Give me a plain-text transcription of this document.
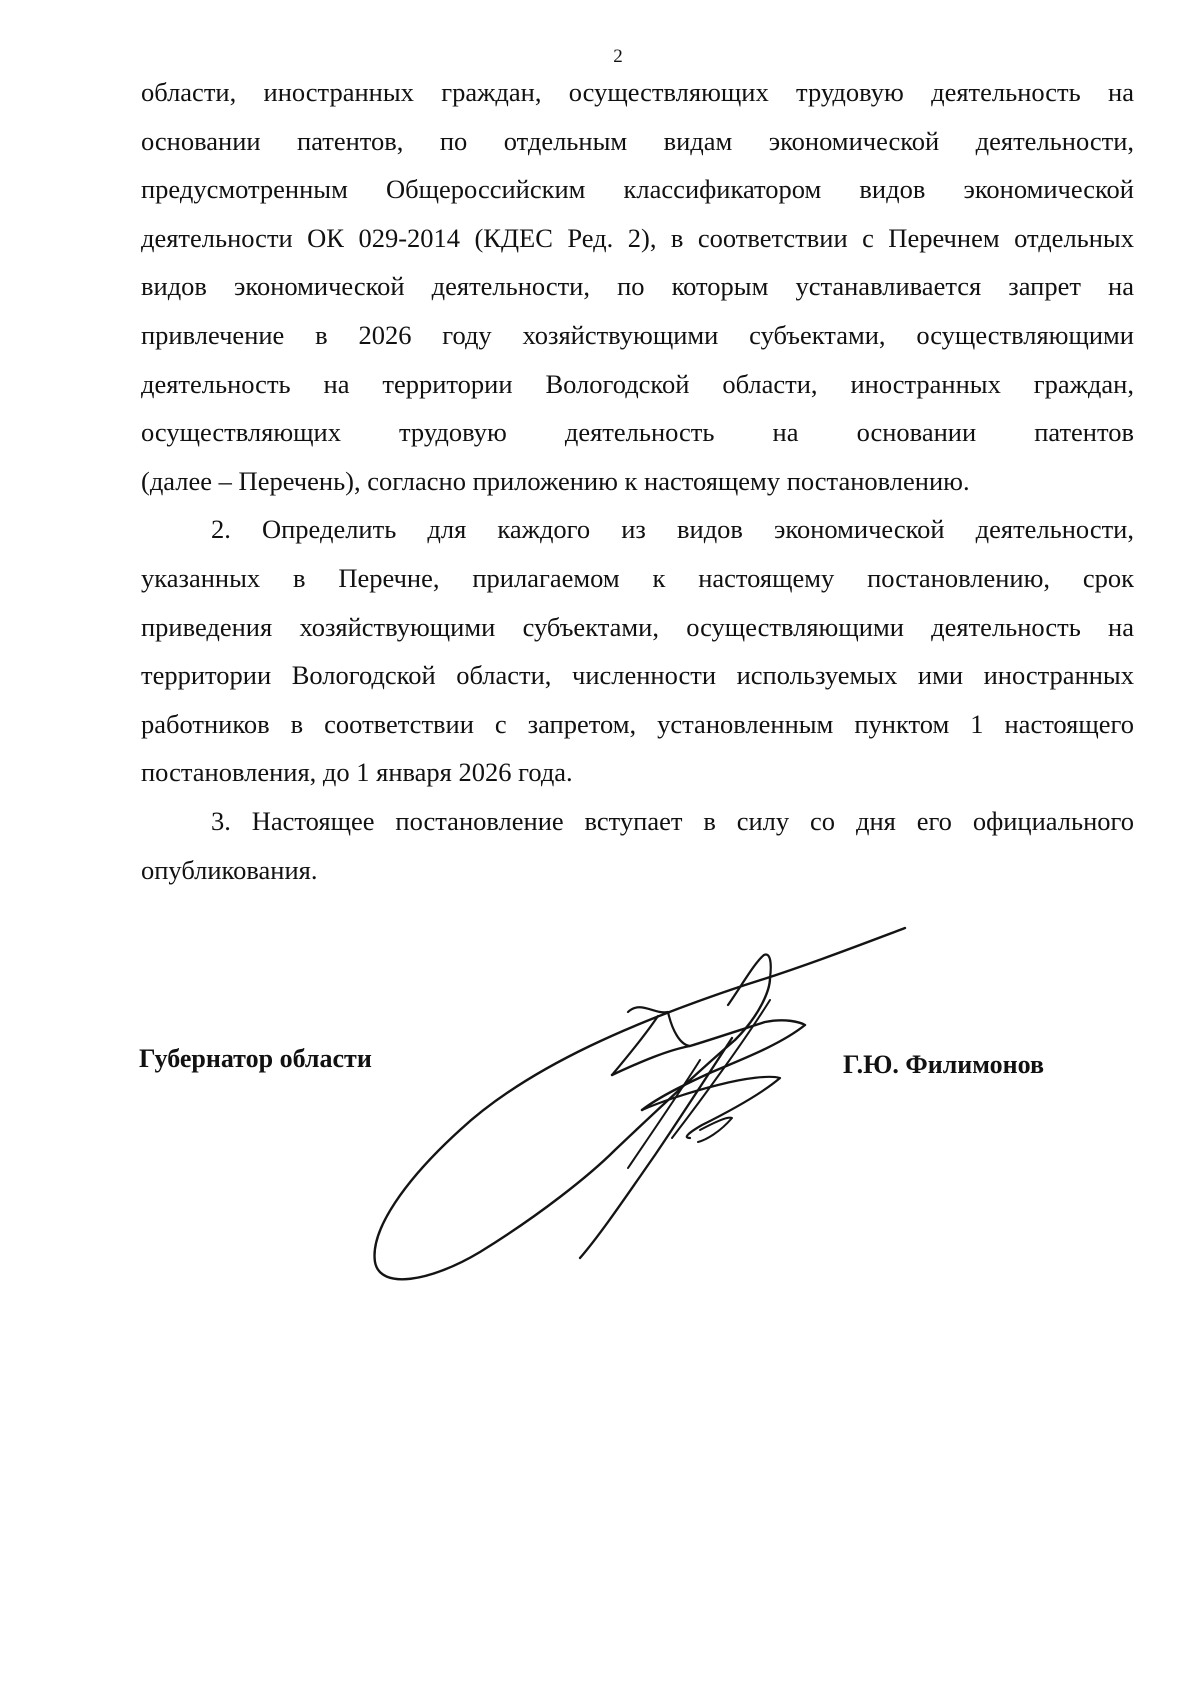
2
области, иностранных граждан, осуществляющих трудовую деятельность на
основании патентов, по отдельным видам экономической деятельности,
предусмотренным Общероссийским классификатором видов экономической
деятельности ОК 029-2014 (КДЕС Ред. 2), в соответствии с Перечнем отдельных
видов экономической деятельности, по которым устанавливается запрет на
привлечение в 2026 году хозяйствующими субъектами, осуществляющими
деятельность на территории Вологодской области, иностранных граждан,
осуществляющих трудовую деятельность на основании патентов
(далее – Перечень), согласно приложению к настоящему постановлению.
2. Определить для каждого из видов экономической деятельности,
указанных в Перечне, прилагаемом к настоящему постановлению, срок
приведения хозяйствующими субъектами, осуществляющими деятельность на
территории Вологодской области, численности используемых ими иностранных
работников в соответствии с запретом, установленным пунктом 1 настоящего
постановления, до 1 января 2026 года.
3. Настоящее постановление вступает в силу со дня его официального
опубликования.
Губернатор области	Г.Ю. Филимонов
